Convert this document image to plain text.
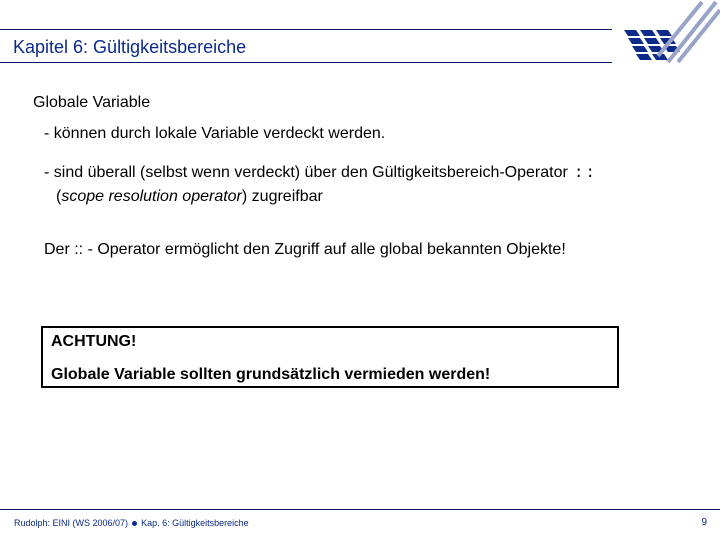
Kapitel 6: Gültigkeitsbereiche
Globale Variable
- können durch lokale Variable verdeckt werden.
- sind überall (selbst wenn verdeckt) über den Gültigkeitsbereich-Operator ::
(scope resolution operator) zugreifbar
Der :: - Operator ermöglicht den Zugriff auf alle global bekannten Objekte!
ACHTUNG!
Globale Variable sollten grundsätzlich vermieden werden!
Rudolph: EINI (WS 2006/07) Kap. 6: Gültigkeitsbereiche	9
